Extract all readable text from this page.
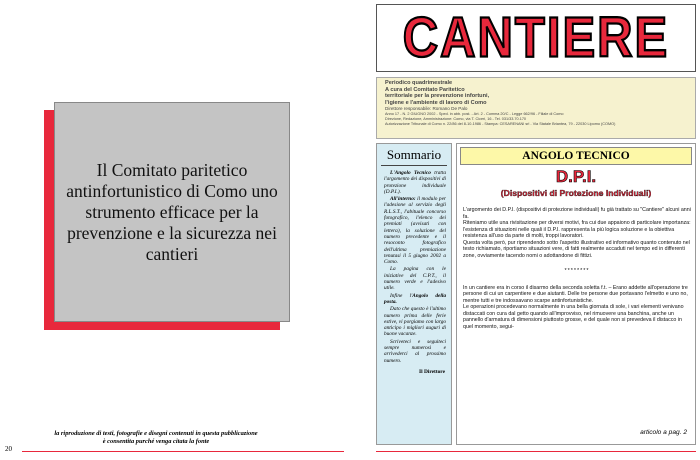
Il Comitato paritetico antinfortunistico di Como uno strumento efficace per la prevenzione e la sicurezza nei cantieri
la riproduzione di testi, fotografie e disegni contenuti in questa pubblicazione
è consentita purché venga citata la fonte
20
CANTIERE
Periodico quadrimestrale
A cura del Comitato Paritetico
territoriale per la prevenzione infortuni,
l'igiene e l'ambiente di lavoro di Como
Direttore responsabile: Romano De Palo
Anno 17 - N. 2 GIUGNO 2002 - Sped. in abb. post. - Art. 2 - Comma 20/C - Legge 662/96 - Filiale di Como
Direzione, Redazione, Amministrazione: Como, via T. Ciceri, 16 - Tel. 031/33.70.170
Autorizzazione Tribunale di Como n. 22/86 del 8-10-1986 - Stampa: CESARENANI srl - Via Statale Briantea, 79 - 22030 Lipomo (COMO)
Sommario

L'Angolo Tecnico tratta l'argomento dei dispositivi di protezione individuale (D.P.I.).

All'interno: il modulo per l'adesione al servizio degli R.L.S.T., l'abituale concorso fotografico, l'elenco dei premiati (avvisati con lettera), la soluzione del numero precedente e il resoconto fotografico dell'ultima premiazione tenutasi il 5 giugno 2002 a Como.

La pagina con le iniziative del C.P.T., il numero verde e l'adesivo utile.

Infine l'Angolo della posta.

Dato che questo è l'ultimo numero prima delle ferie estive, vi porgiamo con largo anticipo i migliori auguri di buone vacanze.

Scriveteci e seguiteci sempre numerosi e arrivederci al prossimo numero.

Il Direttore
ANGOLO TECNICO
D.P.I.
(Dispositivi di Protezione Individuali)

L'argomento dei D.P.I. (dispositivi di protezione individuali) fu già trattato su "Cantiere" alcuni anni fa.

Riteniamo utile una rivisitazione per diversi motivi, fra cui due appaiono di particolare importanza: l'esistenza di situazioni nelle quali il D.P.I. rappresenta la più logica soluzione e la obiettiva resistenza all'uso da parte di molti, troppi lavoratori.

Questa volta però, pur riprendendo sotto l'aspetto illustrativo ed informativo quanto contenuto nel testo richiamato, riportiamo situazioni vere, di fatti realmente accaduti nel tempo ed in differenti zone, ovviamente tacendo nomi o adottandone di fittizi.

********

In un cantiere era in corso il disarmo della seconda soletta f.t. – Erano addette all'operazione tre persone di cui un carpentiere e due aiutanti. Delle tre persone due portavano l'elmetto e uno no, mentre tutti e tre indossavano scarpe antinfortunistiche.

Le operazioni procedevano normalmente in una bella giornata di sole, i vari elementi venivano distaccati con cura dal getto quando all'improvviso, nel rimuovere una banchina, anche un pannello d'armatura di dimensioni piuttosto grosse, e del quale non si prevedeva il distacco in quel momento, segui-

articolo a pag. 2
